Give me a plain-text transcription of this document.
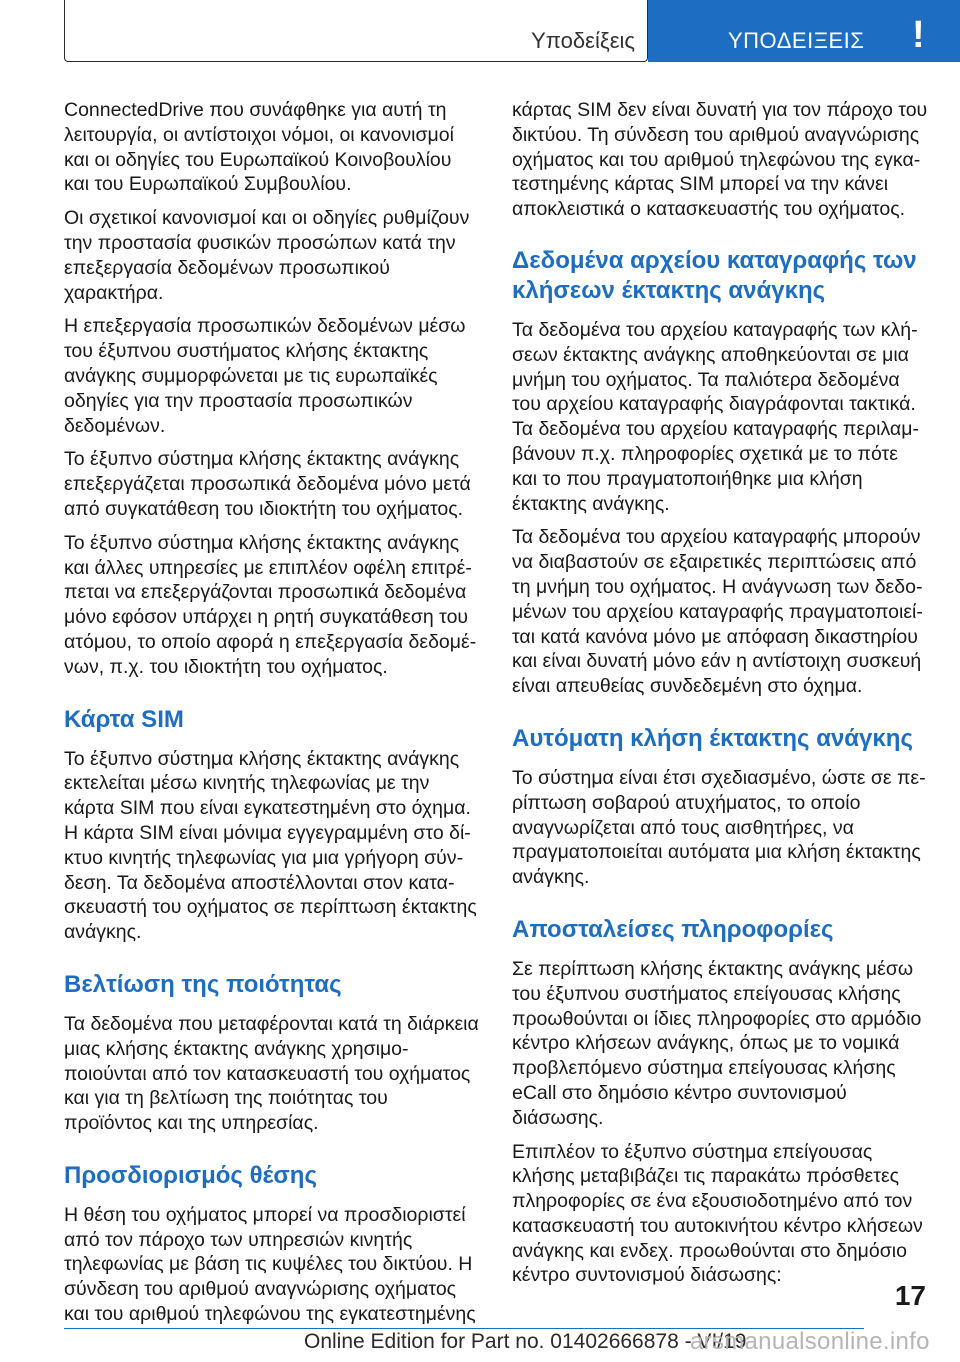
Υποδείξεις	ΥΠΟΔΕΙΞΕΙΣ !

ConnectedDrive που συνάφθηκε για αυτή τη λειτουργία, οι αντίστοιχοι νόμοι, οι κανονισμοί και οι οδηγίες του Ευρωπαϊκού Κοινοβουλίου και του Ευρωπαϊκού Συμβουλίου.

Οι σχετικοί κανονισμοί και οι οδηγίες ρυθμίζουν την προστασία φυσικών προσώπων κατά την επεξεργασία δεδομένων προσωπικού χαρακτήρα.

Η επεξεργασία προσωπικών δεδομένων μέσω του έξυπνου συστήματος κλήσης έκτακτης ανάγκης συμμορφώνεται με τις ευρωπαϊκές οδηγίες για την προστασία προσωπικών δεδομένων.

Το έξυπνο σύστημα κλήσης έκτακτης ανάγκης επεξεργάζεται προσωπικά δεδομένα μόνο μετά από συγκατάθεση του ιδιοκτήτη του οχήματος.

Το έξυπνο σύστημα κλήσης έκτακτης ανάγκης και άλλες υπηρεσίες με επιπλέον οφέλη επιτρέπεται να επεξεργάζονται προσωπικά δεδομένα μόνο εφόσον υπάρχει η ρητή συγκατάθεση του ατόμου, το οποίο αφορά η επεξεργασία δεδομένων, π.χ. του ιδιοκτήτη του οχήματος.

Κάρτα SIM

Το έξυπνο σύστημα κλήσης έκτακτης ανάγκης εκτελείται μέσω κινητής τηλεφωνίας με την κάρτα SIM που είναι εγκατεστημένη στο όχημα. Η κάρτα SIM είναι μόνιμα εγγεγραμμένη στο δίκτυο κινητής τηλεφωνίας για μια γρήγορη σύνδεση. Τα δεδομένα αποστέλλονται στον κατασκευαστή του οχήματος σε περίπτωση έκτακτης ανάγκης.

Βελτίωση της ποιότητας

Τα δεδομένα που μεταφέρονται κατά τη διάρκεια μιας κλήσης έκτακτης ανάγκης χρησιμοποιούνται από τον κατασκευαστή του οχήματος και για τη βελτίωση της ποιότητας του προϊόντος και της υπηρεσίας.

Προσδιορισμός θέσης

Η θέση του οχήματος μπορεί να προσδιοριστεί από τον πάροχο των υπηρεσιών κινητής τηλεφωνίας με βάση τις κυψέλες του δικτύου. Η σύνδεση του αριθμού αναγνώρισης οχήματος και του αριθμού τηλεφώνου της εγκατεστημένης

κάρτας SIM δεν είναι δυνατή για τον πάροχο του δικτύου. Τη σύνδεση του αριθμού αναγνώρισης οχήματος και του αριθμού τηλεφώνου της εγκατεστημένης κάρτας SIM μπορεί να την κάνει αποκλειστικά ο κατασκευαστής του οχήματος.

Δεδομένα αρχείου καταγραφής των κλήσεων έκτακτης ανάγκης

Τα δεδομένα του αρχείου καταγραφής των κλήσεων έκτακτης ανάγκης αποθηκεύονται σε μια μνήμη του οχήματος. Τα παλιότερα δεδομένα του αρχείου καταγραφής διαγράφονται τακτικά. Τα δεδομένα του αρχείου καταγραφής περιλαμβάνουν π.χ. πληροφορίες σχετικά με το πότε και το που πραγματοποιήθηκε μια κλήση έκτακτης ανάγκης.

Τα δεδομένα του αρχείου καταγραφής μπορούν να διαβαστούν σε εξαιρετικές περιπτώσεις από τη μνήμη του οχήματος. Η ανάγνωση των δεδομένων του αρχείου καταγραφής πραγματοποιείται κατά κανόνα μόνο με απόφαση δικαστηρίου και είναι δυνατή μόνο εάν η αντίστοιχη συσκευή είναι απευθείας συνδεδεμένη στο όχημα.

Αυτόματη κλήση έκτακτης ανάγκης

Το σύστημα είναι έτσι σχεδιασμένο, ώστε σε περίπτωση σοβαρού ατυχήματος, το οποίο αναγνωρίζεται από τους αισθητήρες, να πραγματοποιείται αυτόματα μια κλήση έκτακτης ανάγκης.

Αποσταλείσες πληροφορίες

Σε περίπτωση κλήσης έκτακτης ανάγκης μέσω του έξυπνου συστήματος επείγουσας κλήσης προωθούνται οι ίδιες πληροφορίες στο αρμόδιο κέντρο κλήσεων ανάγκης, όπως με το νομικά προβλεπόμενο σύστημα επείγουσας κλήσης eCall στο δημόσιο κέντρο συντονισμού διάσωσης.

Επιπλέον το έξυπνο σύστημα επείγουσας κλήσης μεταβιβάζει τις παρακάτω πρόσθετες πληροφορίες σε ένα εξουσιοδοτημένο από τον κατασκευαστή του αυτοκινήτου κέντρο κλήσεων ανάγκης και ενδεχ. προωθούνται στο δημόσιο κέντρο συντονισμού διάσωσης:

17
Online Edition for Part no. 01402666878 - VI/19
arsmanualsonline.info
